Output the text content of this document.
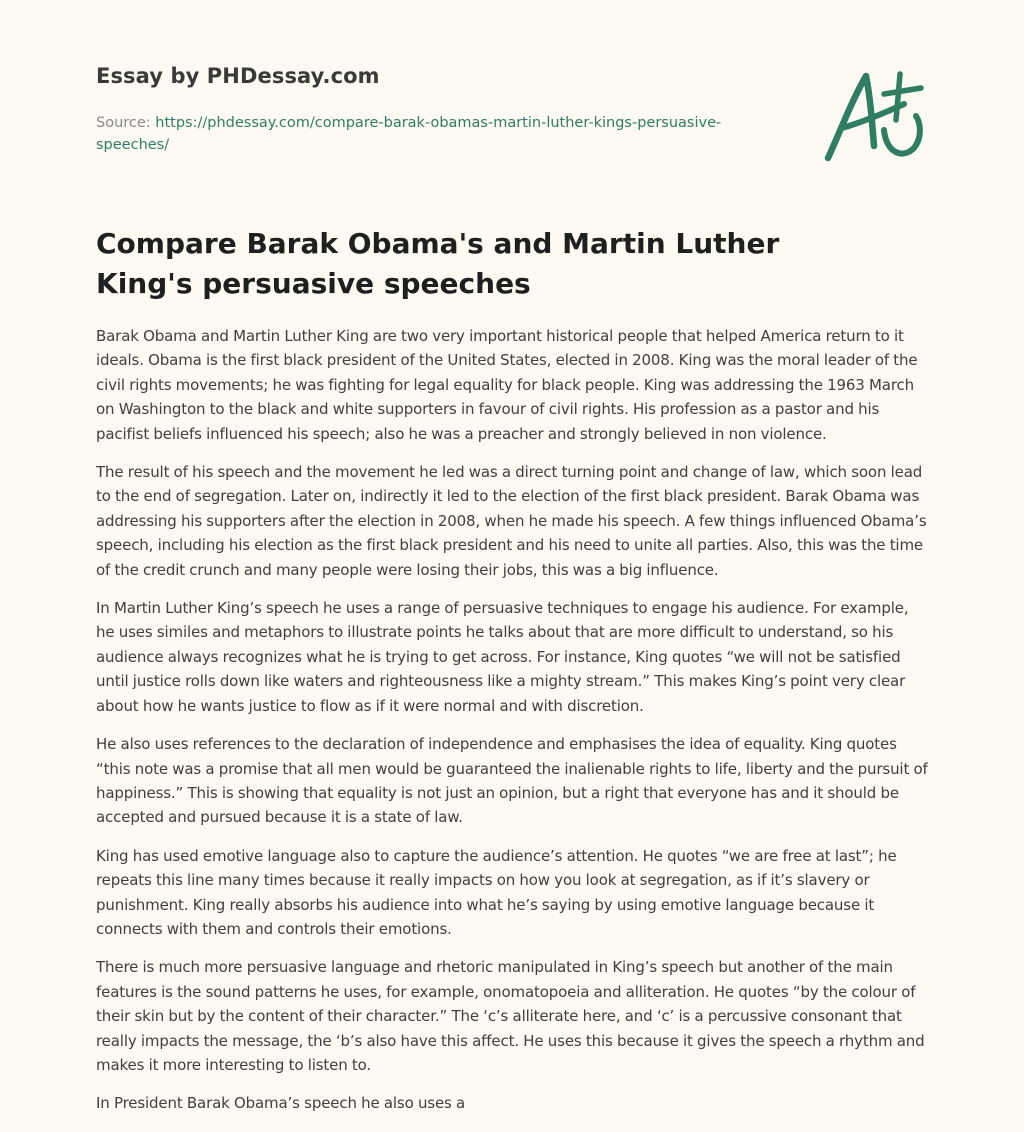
Essay by PHDessay.com
Source: https://phdessay.com/compare-barak-obamas-martin-luther-kings-persuasive-speeches/
Compare Barak Obama's and Martin Luther King's persuasive speeches

Barak Obama and Martin Luther King are two very important historical people that helped America return to it ideals. Obama is the first black president of the United States, elected in 2008. King was the moral leader of the civil rights movements; he was fighting for legal equality for black people. King was addressing the 1963 March on Washington to the black and white supporters in favour of civil rights. His profession as a pastor and his pacifist beliefs influenced his speech; also he was a preacher and strongly believed in non violence.

The result of his speech and the movement he led was a direct turning point and change of law, which soon lead to the end of segregation. Later on, indirectly it led to the election of the first black president. Barak Obama was addressing his supporters after the election in 2008, when he made his speech. A few things influenced Obama’s speech, including his election as the first black president and his need to unite all parties. Also, this was the time of the credit crunch and many people were losing their jobs, this was a big influence.

In Martin Luther King’s speech he uses a range of persuasive techniques to engage his audience. For example, he uses similes and metaphors to illustrate points he talks about that are more difficult to understand, so his audience always recognizes what he is trying to get across. For instance, King quotes “we will not be satisfied until justice rolls down like waters and righteousness like a mighty stream.” This makes King’s point very clear about how he wants justice to flow as if it were normal and with discretion.

He also uses references to the declaration of independence and emphasises the idea of equality. King quotes “this note was a promise that all men would be guaranteed the inalienable rights to life, liberty and the pursuit of happiness.” This is showing that equality is not just an opinion, but a right that everyone has and it should be accepted and pursued because it is a state of law.

King has used emotive language also to capture the audience’s attention. He quotes “we are free at last”; he repeats this line many times because it really impacts on how you look at segregation, as if it’s slavery or punishment. King really absorbs his audience into what he’s saying by using emotive language because it connects with them and controls their emotions.

There is much more persuasive language and rhetoric manipulated in King’s speech but another of the main features is the sound patterns he uses, for example, onomatopoeia and alliteration. He quotes “by the colour of their skin but by the content of their character.” The ‘c’s alliterate here, and ‘c’ is a percussive consonant that really impacts the message, the ‘b’s also have this affect. He uses this because it gives the speech a rhythm and makes it more interesting to listen to.

In President Barak Obama’s speech he also uses a
